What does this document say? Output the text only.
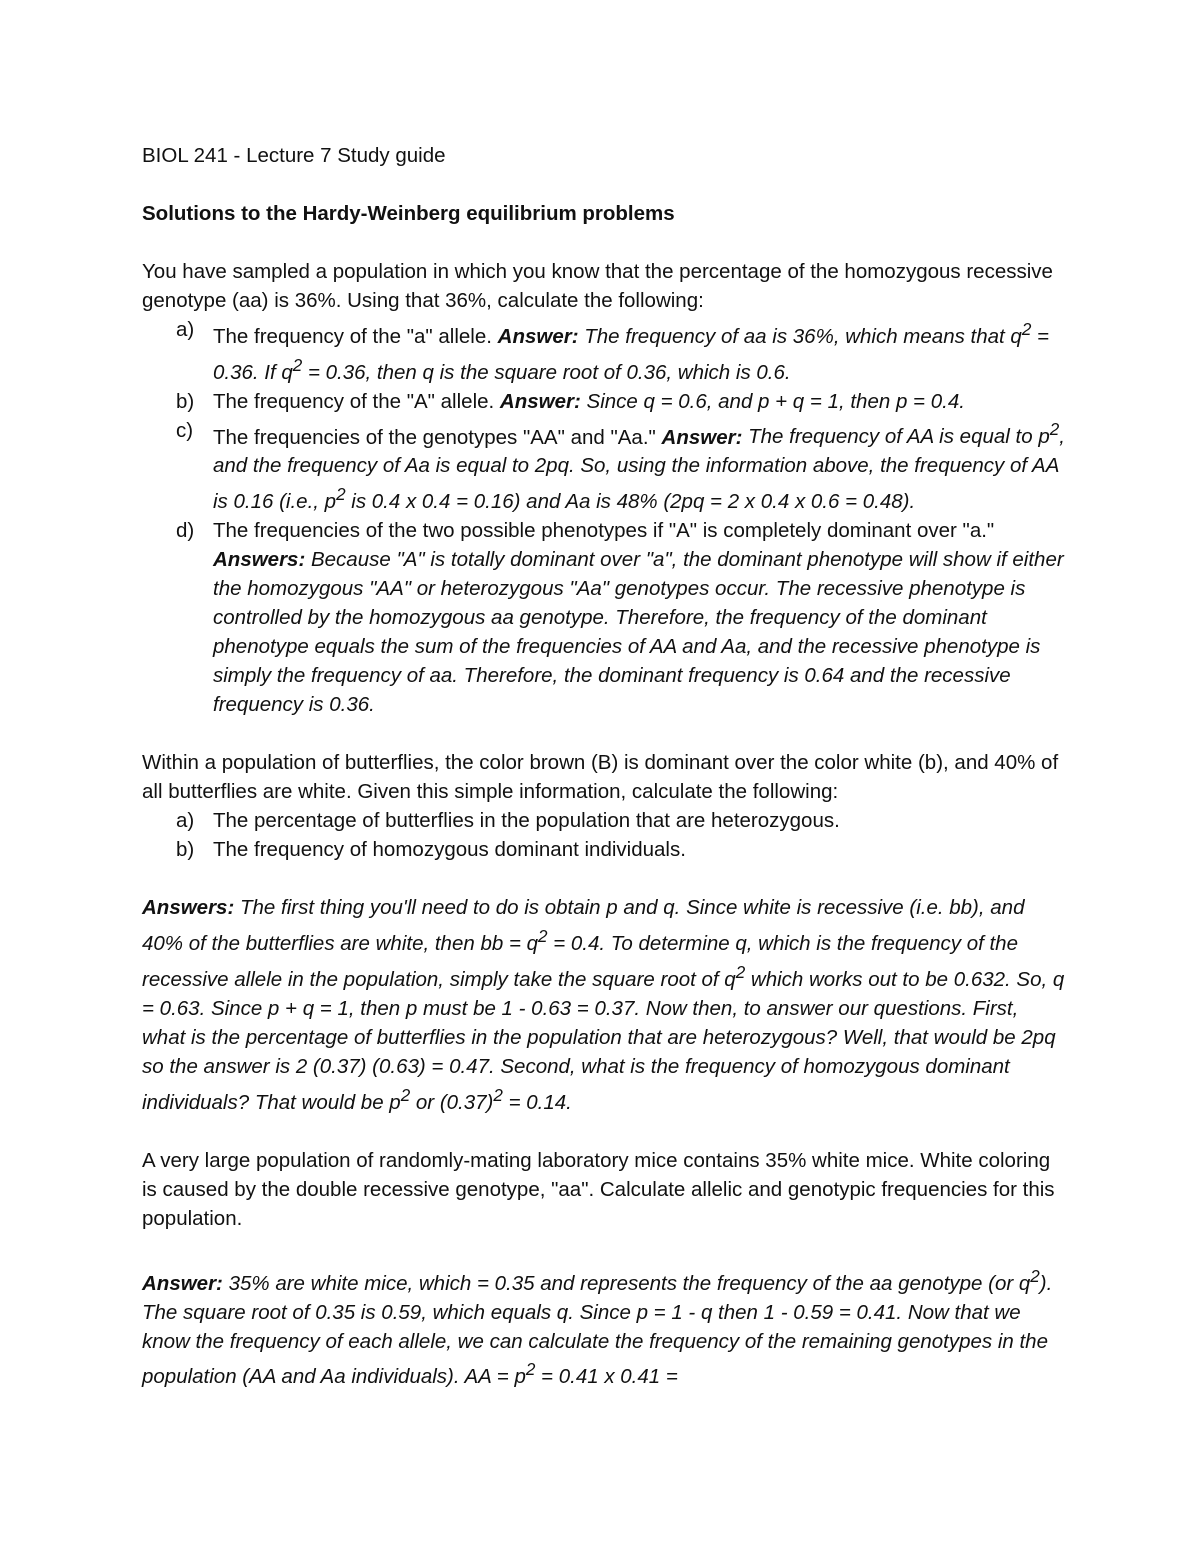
BIOL 241 - Lecture 7 Study guide

Solutions to the Hardy-Weinberg equilibrium problems

You have sampled a population in which you know that the percentage of the homozygous recessive genotype (aa) is 36%. Using that 36%, calculate the following:

a) The frequency of the "a" allele. Answer: The frequency of aa is 36%, which means that $q^2 = 0.36$. If $q^2 = 0.36$, then q is the square root of 0.36, which is 0.6.
b) The frequency of the "A" allele. Answer: Since q = 0.6, and p + q = 1, then p = 0.4.
c) The frequencies of the genotypes "AA" and "Aa." Answer: The frequency of AA is equal to $p^2$, and the frequency of Aa is equal to 2pq. So, using the information above, the frequency of AA is 0.16 (i.e., $p^2$ is 0.4 x 0.4 = 0.16) and Aa is 48% (2pq = 2 x 0.4 x 0.6 = 0.48).
d) The frequencies of the two possible phenotypes if "A" is completely dominant over "a." Answers: Because "A" is totally dominant over "a", the dominant phenotype will show if either the homozygous "AA" or heterozygous "Aa" genotypes occur. The recessive phenotype is controlled by the homozygous aa genotype. Therefore, the frequency of the dominant phenotype equals the sum of the frequencies of AA and Aa, and the recessive phenotype is simply the frequency of aa. Therefore, the dominant frequency is 0.64 and the recessive frequency is 0.36.

Within a population of butterflies, the color brown (B) is dominant over the color white (b), and 40% of all butterflies are white. Given this simple information, calculate the following:

a) The percentage of butterflies in the population that are heterozygous.
b) The frequency of homozygous dominant individuals.

Answers: The first thing you'll need to do is obtain p and q. Since white is recessive (i.e. bb), and 40% of the butterflies are white, then bb = $q^2 = 0.4$. To determine q, which is the frequency of the recessive allele in the population, simply take the square root of $q^2$ which works out to be 0.632. So, q = 0.63. Since p + q = 1, then p must be 1 - 0.63 = 0.37. Now then, to answer our questions. First, what is the percentage of butterflies in the population that are heterozygous? Well, that would be 2pq so the answer is 2 (0.37) (0.63) = 0.47. Second, what is the frequency of homozygous dominant individuals? That would be $p^2$ or $(0.37)^2 = 0.14$.

A very large population of randomly-mating laboratory mice contains 35% white mice. White coloring is caused by the double recessive genotype, "aa". Calculate allelic and genotypic frequencies for this population.

Answer: 35% are white mice, which = 0.35 and represents the frequency of the aa genotype (or $q^2$). The square root of 0.35 is 0.59, which equals q. Since p = 1 - q then 1 - 0.59 = 0.41. Now that we know the frequency of each allele, we can calculate the frequency of the remaining genotypes in the population (AA and Aa individuals). AA = $p^2 = 0.41$ x 0.41 =
